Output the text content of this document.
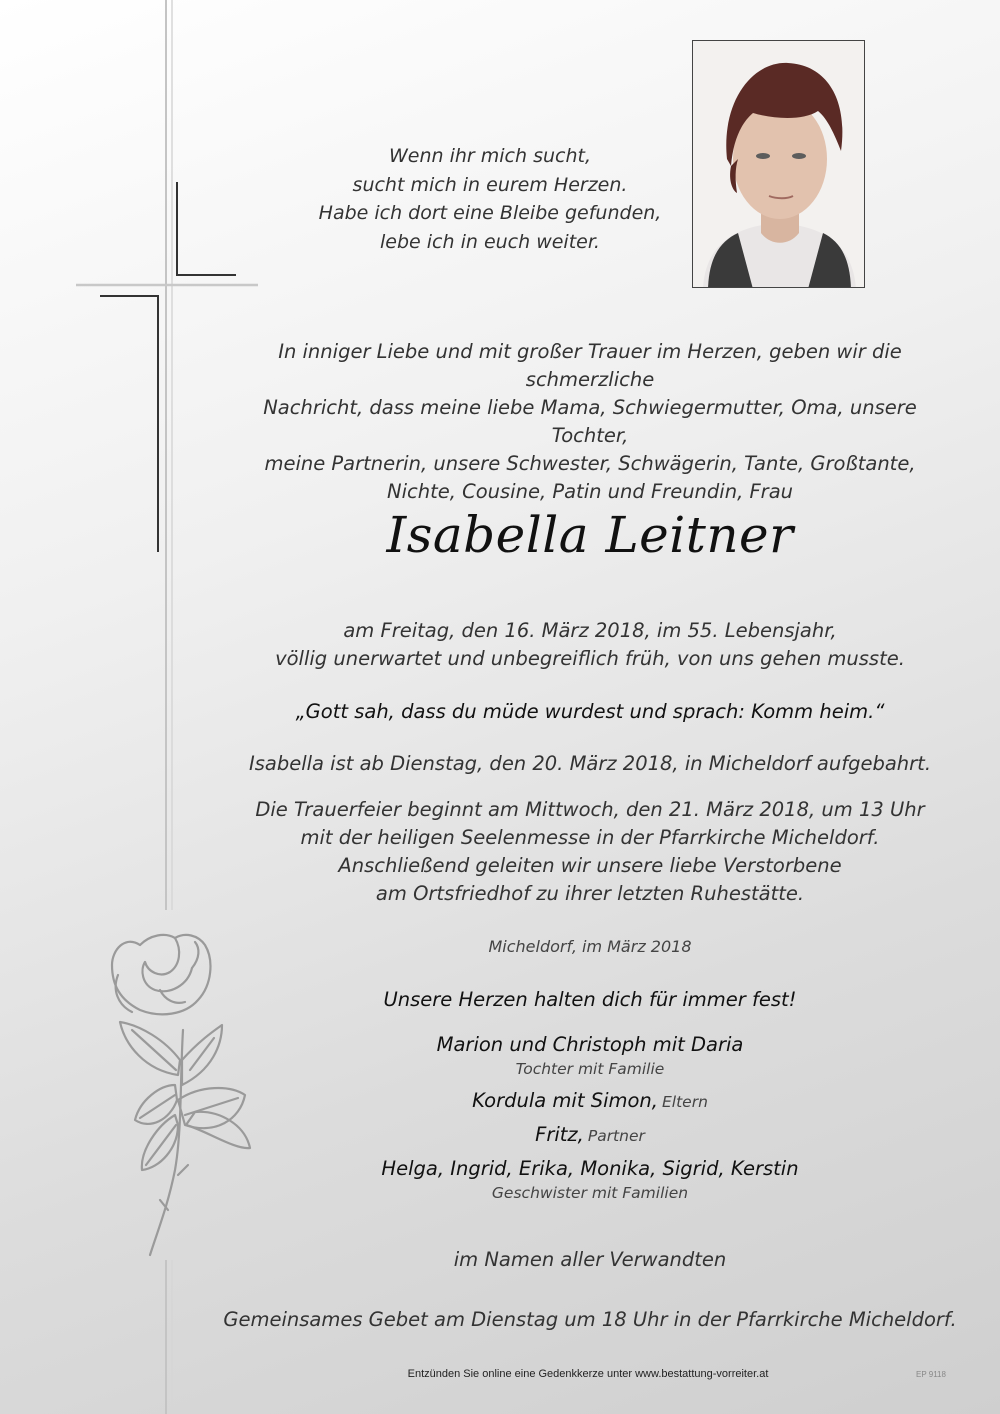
Wenn ihr mich sucht,
sucht mich in eurem Herzen.
Habe ich dort eine Bleibe gefunden,
lebe ich in euch weiter.
In inniger Liebe und mit großer Trauer im Herzen, geben wir die schmerzliche
Nachricht, dass meine liebe Mama, Schwiegermutter, Oma, unsere Tochter,
meine Partnerin, unsere Schwester, Schwägerin, Tante, Großtante,
Nichte, Cousine, Patin und Freundin, Frau
Isabella Leitner
am Freitag, den 16. März 2018, im 55. Lebensjahr,
völlig unerwartet und unbegreiflich früh, von uns gehen musste.
„Gott sah, dass du müde wurdest und sprach: Komm heim.“
Isabella ist ab Dienstag, den 20. März 2018, in Micheldorf aufgebahrt.
Die Trauerfeier beginnt am Mittwoch, den 21. März 2018, um 13 Uhr
mit der heiligen Seelenmesse in der Pfarrkirche Micheldorf.
Anschließend geleiten wir unsere liebe Verstorbene
am Ortsfriedhof zu ihrer letzten Ruhestätte.
Micheldorf, im März 2018
Unsere Herzen halten dich für immer fest!
Marion und Christoph mit Daria
Tochter mit Familie
Kordula mit Simon, Eltern
Fritz, Partner
Helga, Ingrid, Erika, Monika, Sigrid, Kerstin
Geschwister mit Familien
im Namen aller Verwandten
Gemeinsames Gebet am Dienstag um 18 Uhr in der Pfarrkirche Micheldorf.
Entzünden Sie online eine Gedenkkerze unter www.bestattung-vorreiter.at	EP 9118
